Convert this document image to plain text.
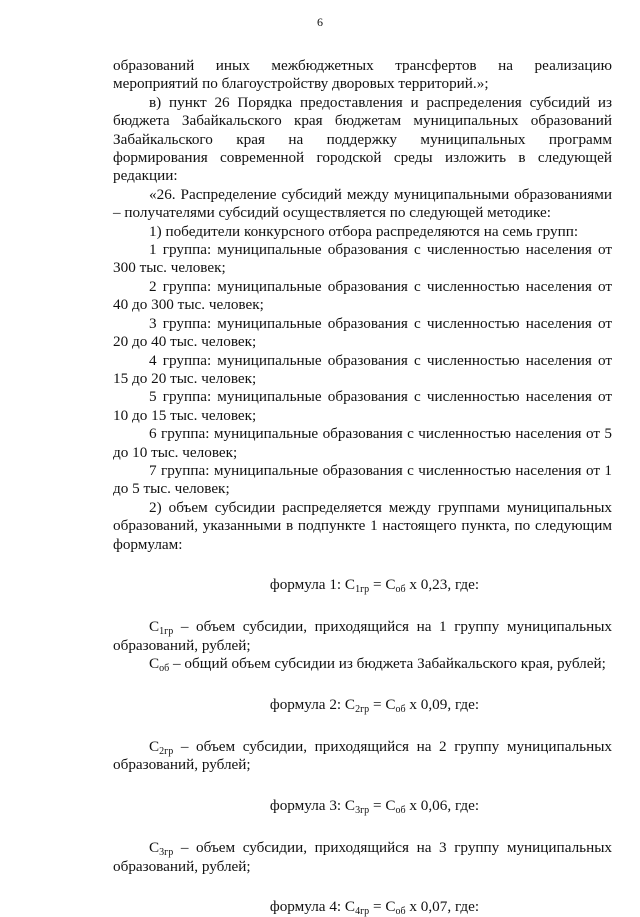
6

образований иных межбюджетных трансфертов на реализацию мероприятий по благоустройству дворовых территорий.»;

в) пункт 26 Порядка предоставления и распределения субсидий из бюджета Забайкальского края бюджетам муниципальных образований Забайкальского края на поддержку муниципальных программ формирования современной городской среды изложить в следующей редакции:

«26. Распределение субсидий между муниципальными образованиями – получателями субсидий осуществляется по следующей методике:

1) победители конкурсного отбора распределяются на семь групп:

1 группа: муниципальные образования с численностью населения от 300 тыс. человек;

2 группа: муниципальные образования с численностью населения от 40 до 300 тыс. человек;

3 группа: муниципальные образования с численностью населения от 20 до 40 тыс. человек;

4 группа: муниципальные образования с численностью населения от 15 до 20 тыс. человек;

5 группа: муниципальные образования с численностью населения от 10 до 15 тыс. человек;

6 группа: муниципальные образования с численностью населения от 5 до 10 тыс. человек;

7 группа: муниципальные образования с численностью населения от 1 до 5 тыс. человек;

2) объем субсидии распределяется между группами муниципальных образований, указанными в подпункте 1 настоящего пункта, по следующим формулам:

формула 1: $С_{1гр} = С_{об}$ х 0,23, где:

$С_{1гр}$ – объем субсидии, приходящийся на 1 группу муниципальных образований, рублей;

$С_{об}$ – общий объем субсидии из бюджета Забайкальского края, рублей;

формула 2: $С_{2гр} = С_{об}$ х 0,09, где:

$С_{2гр}$ – объем субсидии, приходящийся на 2 группу муниципальных образований, рублей;

формула 3: $С_{3гр} = С_{об}$ х 0,06, где:

$С_{3гр}$ – объем субсидии, приходящийся на 3 группу муниципальных образований, рублей;

формула 4: $С_{4гр} = С_{об}$ х 0,07, где:
